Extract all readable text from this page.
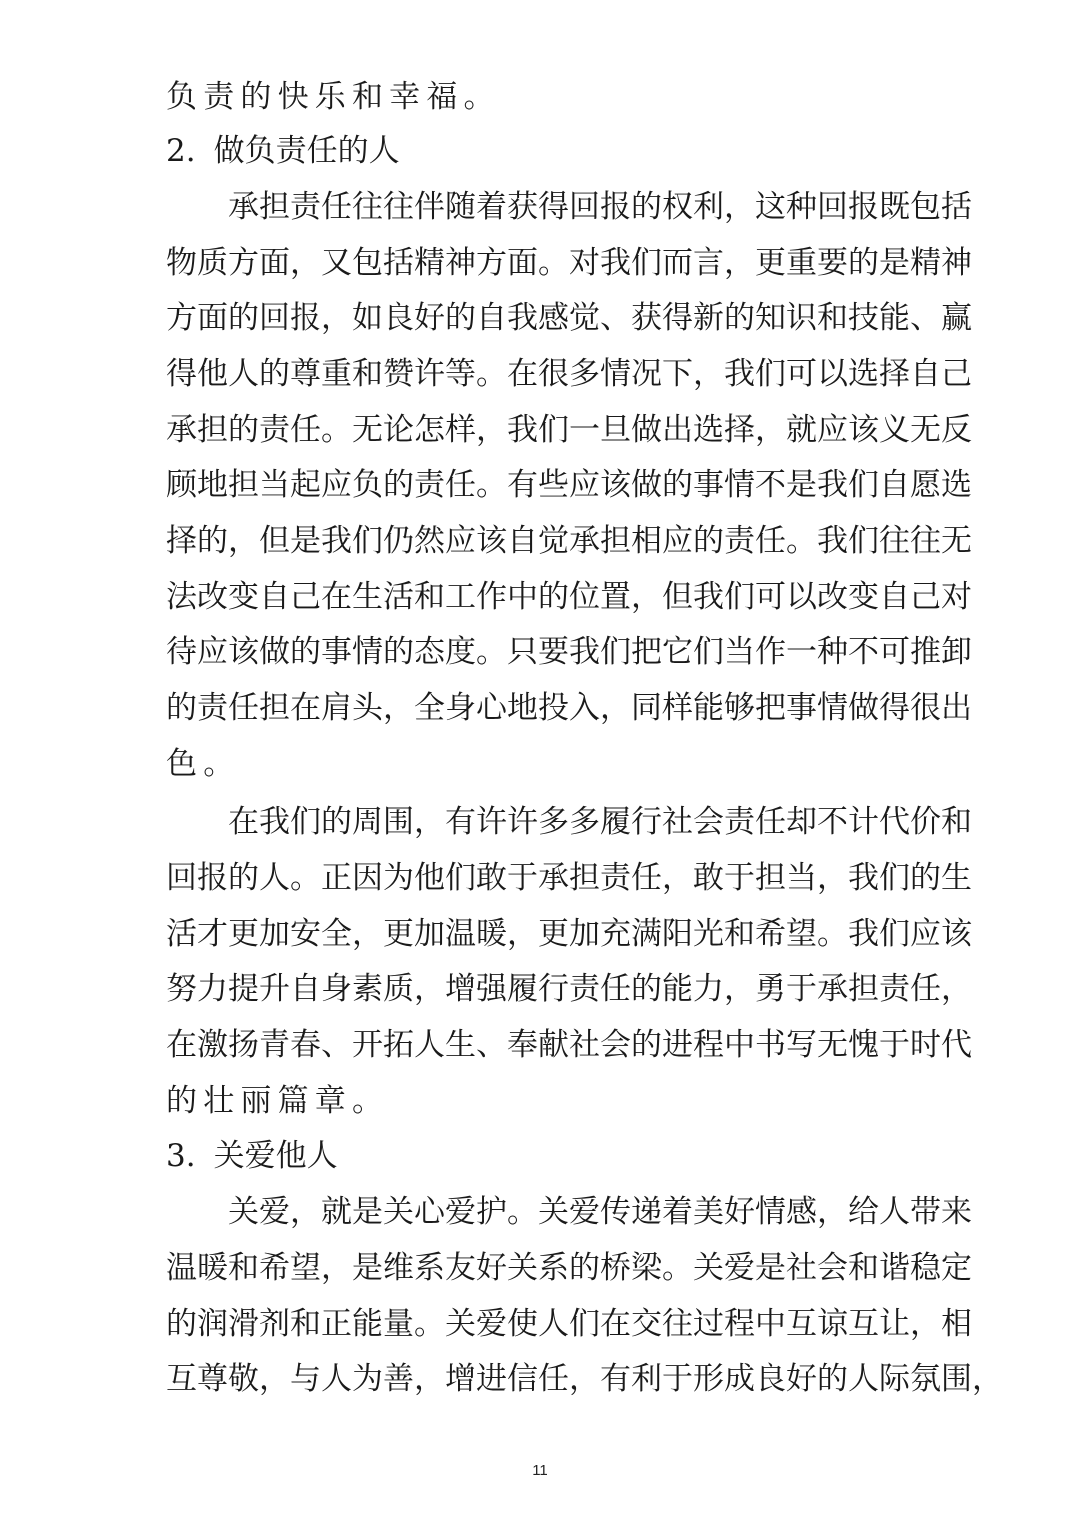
负 责 的 快 乐 和 幸 福 。
2. 做负责任的人
承 担 责 任 往 往 伴 随 着 获 得 回 报 的 权 利 ， 这 种 回 报 既 包 括
物 质 方 面 ， 又 包 括 精 神 方 面 。 对 我 们 而 言 ， 更 重 要 的 是 精 神
方 面 的 回 报 ， 如 良 好 的 自 我 感 觉 、 获 得 新 的 知 识 和 技 能 、 赢
得 他 人 的 尊 重 和 赞 许 等 。 在 很 多 情 况 下 ， 我 们 可 以 选 择 自 己
承 担 的 责 任 。 无 论 怎 样 ， 我 们 一 旦 做 出 选 择 ， 就 应 该 义 无 反
顾 地 担 当 起 应 负 的 责 任 。 有 些 应 该 做 的 事 情 不 是 我 们 自 愿 选
择 的 ， 但 是 我 们 仍 然 应 该 自 觉 承 担 相 应 的 责 任 。 我 们 往 往 无
法 改 变 自 己 在 生 活 和 工 作 中 的 位 置 ， 但 我 们 可 以 改 变 自 己 对
待 应 该 做 的 事 情 的 态 度 。 只 要 我 们 把 它 们 当 作 一 种 不 可 推 卸
的 责 任 担 在 肩 头 ， 全 身 心 地 投 入 ， 同 样 能 够 把 事 情 做 得 很 出
色 。
在 我 们 的 周 围 ， 有 许 许 多 多 履 行 社 会 责 任 却 不 计 代 价 和
回 报 的 人 。 正 因 为 他 们 敢 于 承 担 责 任 ， 敢 于 担 当 ， 我 们 的 生
活 才 更 加 安 全 ， 更 加 温 暖 ， 更 加 充 满 阳 光 和 希 望 。 我 们 应 该
努 力 提 升 自 身 素 质 ， 增 强 履 行 责 任 的 能 力 ， 勇 于 承 担 责 任 ，
在 激 扬 青 春 、 开 拓 人 生 、 奉 献 社 会 的 进 程 中 书 写 无 愧 于 时 代
的 壮 丽 篇 章 。
3. 关爱他人
关 爱 ， 就 是 关 心 爱 护 。 关 爱 传 递 着 美 好 情 感 ， 给 人 带 来
温 暖 和 希 望 ， 是 维 系 友 好 关 系 的 桥 梁 。 关 爱 是 社 会 和 谐 稳 定
的 润 滑 剂 和 正 能 量 。 关 爱 使 人 们 在 交 往 过 程 中 互 谅 互 让 ， 相
互 尊 敬 ， 与 人 为 善 ， 增 进 信 任 ， 有 利 于 形 成 良 好 的 人 际 氛 围 ，
11
